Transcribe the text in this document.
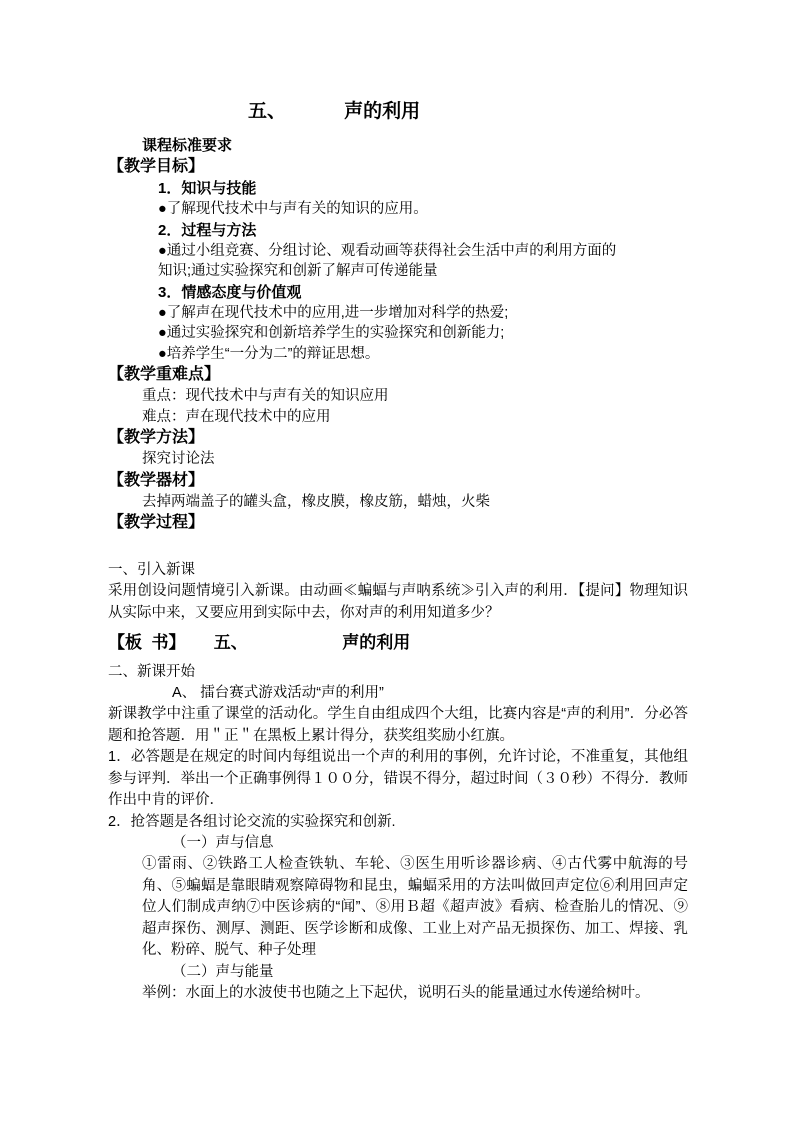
五、           声的利用
课程标准要求
【教学目标】
1．知识与技能
●了解现代技术中与声有关的知识的应用。
2．过程与方法
●通过小组竞赛、分组讨论、观看动画等获得社会生活中声的利用方面的
知识;通过实验探究和创新了解声可传递能量
3．情感态度与价值观
●了解声在现代技术中的应用,进一步增加对科学的热爱;
●通过实验探究和创新培养学生的实验探究和创新能力;
●培养学生“一分为二”的辩证思想。
【教学重难点】
重点：现代技术中与声有关的知识应用
难点：声在现代技术中的应用
【教学方法】
探究讨论法
【教学器材】
去掉两端盖子的罐头盒，橡皮膜，橡皮筋，蜡烛，火柴
【教学过程】
一、引入新课
采用创设问题情境引入新课。由动画≪蝙蝠与声呐系统≫引入声的利用．【提问】物理知识从实际中来，又要应用到实际中去，你对声的利用知道多少？
【板  书】      五、                    声的利用
二、新课开始
A、 擂台赛式游戏活动“声的利用”
新课教学中注重了课堂的活动化。学生自由组成四个大组，比赛内容是“声的利用”．分必答题和抢答题．用＂正＂在黑板上累计得分，获奖组奖励小红旗。
1．必答题是在规定的时间内每组说出一个声的利用的事例，允许讨论，不准重复，其他组参与评判．举出一个正确事例得１００分，错误不得分，超过时间（３０秒）不得分．教师作出中肯的评价．
2．抢答题是各组讨论交流的实验探究和创新.
（一）声与信息
①雷雨、②铁路工人检查铁轨、车轮、③医生用听诊器诊病、④古代雾中航海的号角、⑤蝙蝠是靠眼睛观察障碍物和昆虫，蝙蝠采用的方法叫做回声定位⑥利用回声定位人们制成声纳⑦中医诊病的“闻”、⑧用Ｂ超《超声波》看病、检查胎儿的情况、⑨超声探伤、测厚、测距、医学诊断和成像、工业上对产品无损探伤、加工、焊接、乳化、粉碎、脱气、种子处理
（二）声与能量
举例：水面上的水波使书也随之上下起伏，说明石头的能量通过水传递给树叶。
